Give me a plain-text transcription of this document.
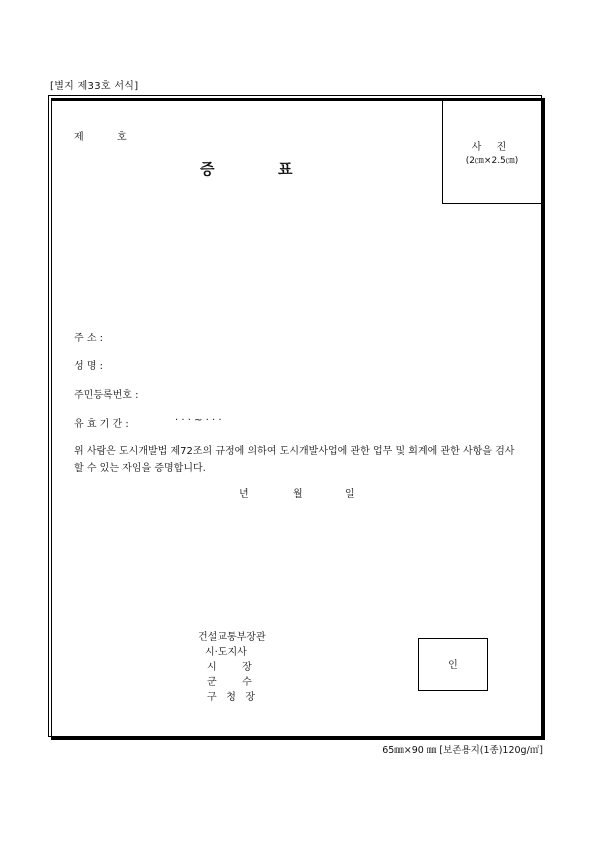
[별지 제33호 서식]
사 진
(2㎝×2.5㎝)
제	호
증	표
주 소 :
성 명 :
주민등록번호 :
유 효 기 간 :	· · · ~ · · ·
위 사람은 도시개발법 제72조의 규정에 의하여 도시개발사업에 관한 업무 및 회계에 관한 사항을 검사할 수 있는 자임을 증명합니다.
년	월	일
건설교통부장관
시·도지사
시        장
군        수
구   청   장
인
65㎜×90 ㎜ [보존용지(1종)120g/㎡]
